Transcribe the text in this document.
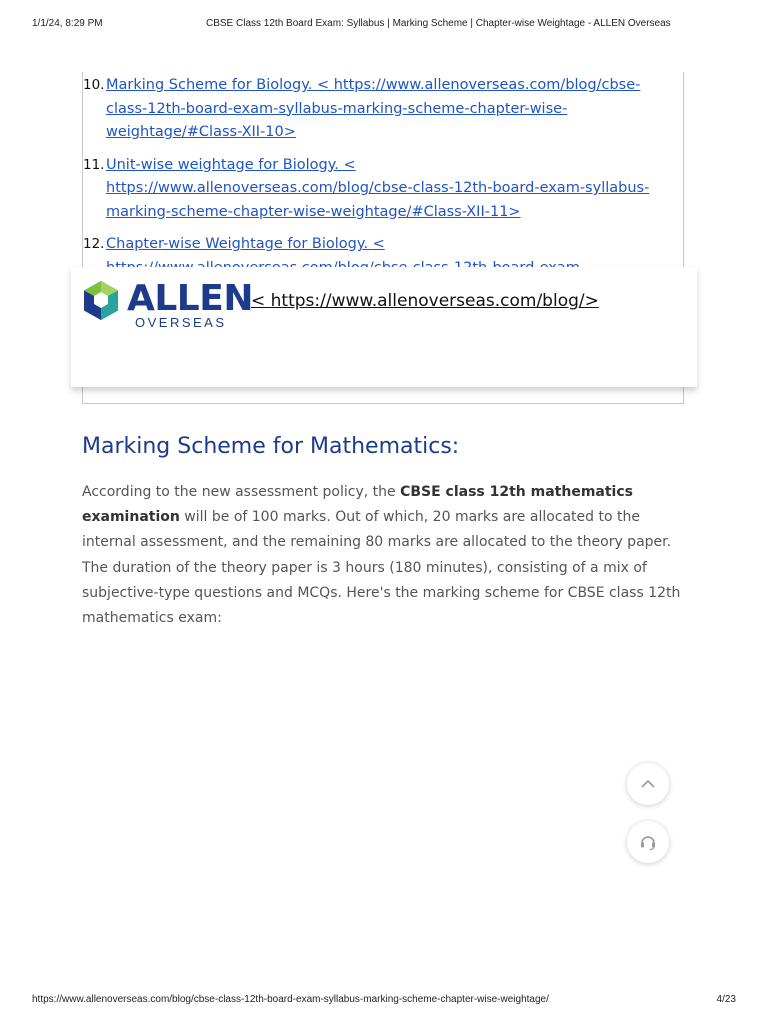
1/1/24, 8:29 PM	CBSE Class 12th Board Exam: Syllabus | Marking Scheme | Chapter-wise Weightage - ALLEN Overseas
10. Marking Scheme for Biology. < https://www.allenoverseas.com/blog/cbse-class-12th-board-exam-syllabus-marking-scheme-chapter-wise-weightage/#Class-XII-10>
11. Unit-wise weightage for Biology. < https://www.allenoverseas.com/blog/cbse-class-12th-board-exam-syllabus-marking-scheme-chapter-wise-weightage/#Class-XII-11>
12. Chapter-wise Weightage for Biology. <
ALLEN
OVERSEAS
< https://www.allenoverseas.com/blog/>
Marking Scheme for Mathematics:

According to the new assessment policy, the CBSE class 12th mathematics examination will be of 100 marks. Out of which, 20 marks are allocated to the internal assessment, and the remaining 80 marks are allocated to the theory paper. The duration of the theory paper is 3 hours (180 minutes), consisting of a mix of subjective-type questions and MCQs. Here's the marking scheme for CBSE class 12th mathematics exam:

https://www.allenoverseas.com/blog/cbse-class-12th-board-exam-syllabus-marking-scheme-chapter-wise-weightage/	4/23
